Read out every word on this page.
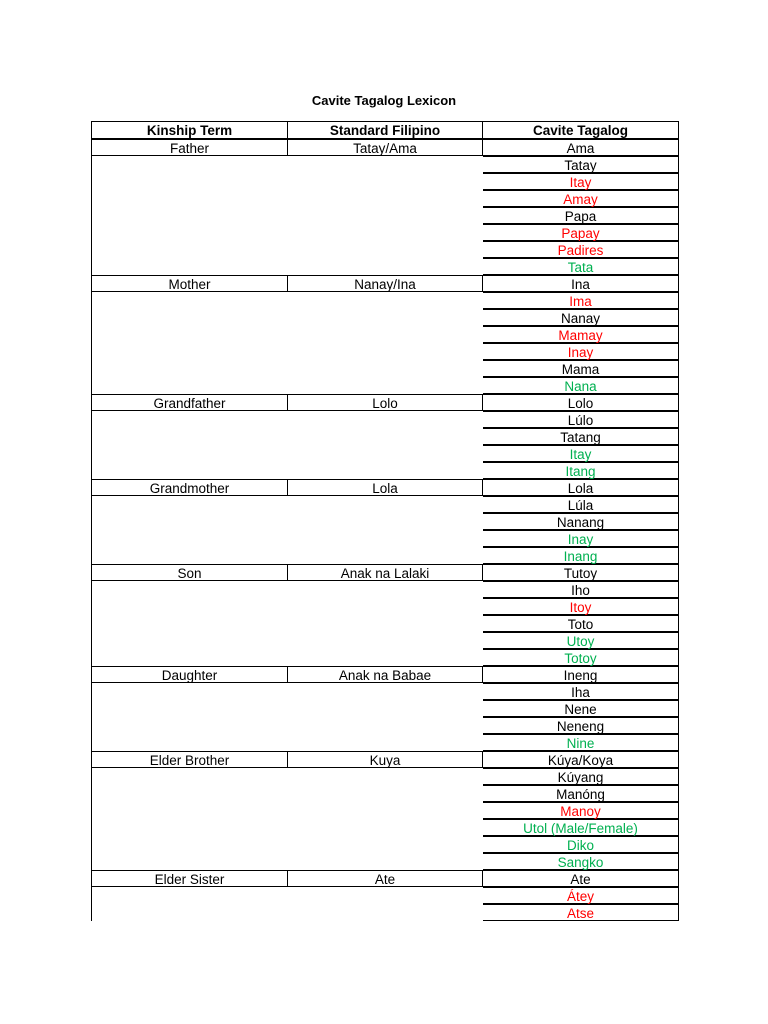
Cavite Tagalog Lexicon
Kinship Term	Standard Filipino	Cavite Tagalog
Father	Tatay/Ama	Ama
Tatay
Itay
Amay
Papa
Papay
Padires
Tata
Mother	Nanay/Ina	Ina
Ima
Nanay
Mamay
Inay
Mama
Nana
Grandfather	Lolo	Lolo
Lúlo
Tatang
Itay
Itang
Grandmother	Lola	Lola
Lúla
Nanang
Inay
Inang
Son	Anak na Lalaki	Tutoy
Iho
Itoy
Toto
Utoy
Totoy
Daughter	Anak na Babae	Ineng
Iha
Nene
Neneng
Nine
Elder Brother	Kuya	Kúya/Koya
Kúyang
Manóng
Manoy
Utol (Male/Female)
Diko
Sangko
Elder Sister	Ate	Ate
Átey
Atse
